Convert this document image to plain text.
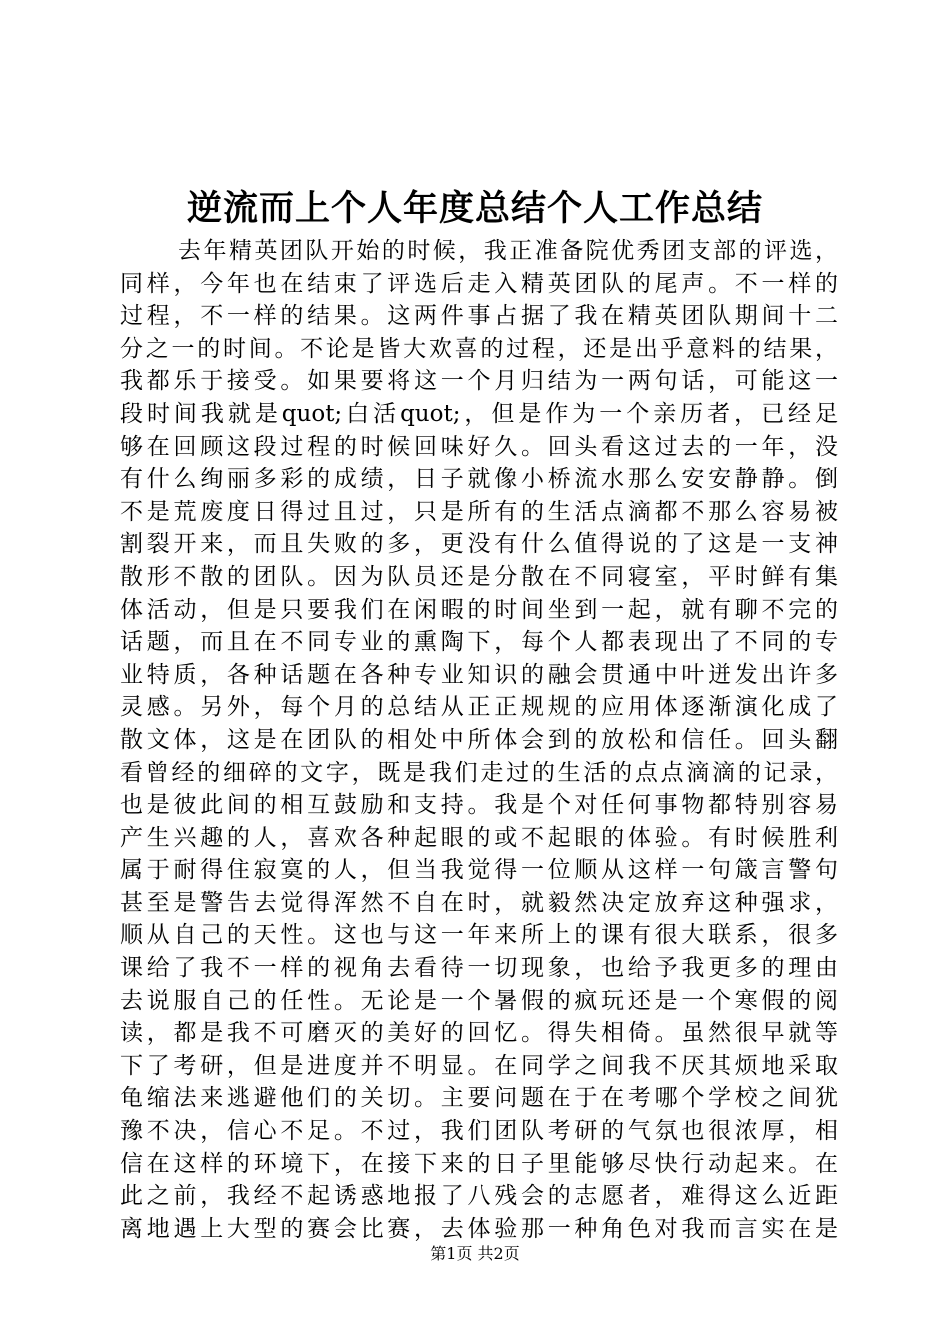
逆流而上个人年度总结个人工作总结
去年精英团队开始的时候，我正准备院优秀团支部的评选，
同样，今年也在结束了评选后走入精英团队的尾声。不一样的
过程，不一样的结果。这两件事占据了我在精英团队期间十二
分之一的时间。不论是皆大欢喜的过程，还是出乎意料的结果，
我都乐于接受。如果要将这一个月归结为一两句话，可能这一
段时间我就是quot;白活quot;，但是作为一个亲历者，已经足
够在回顾这段过程的时候回味好久。回头看这过去的一年，没
有什么绚丽多彩的成绩，日子就像小桥流水那么安安静静。倒
不是荒废度日得过且过，只是所有的生活点滴都不那么容易被
割裂开来，而且失败的多，更没有什么值得说的了这是一支神
散形不散的团队。因为队员还是分散在不同寝室，平时鲜有集
体活动，但是只要我们在闲暇的时间坐到一起，就有聊不完的
话题，而且在不同专业的熏陶下，每个人都表现出了不同的专
业特质，各种话题在各种专业知识的融会贯通中叶迸发出许多
灵感。另外，每个月的总结从正正规规的应用体逐渐演化成了
散文体，这是在团队的相处中所体会到的放松和信任。回头翻
看曾经的细碎的文字，既是我们走过的生活的点点滴滴的记录，
也是彼此间的相互鼓励和支持。我是个对任何事物都特别容易
产生兴趣的人，喜欢各种起眼的或不起眼的体验。有时候胜利
属于耐得住寂寞的人，但当我觉得一位顺从这样一句箴言警句
甚至是警告去觉得浑然不自在时，就毅然决定放弃这种强求，
顺从自己的天性。这也与这一年来所上的课有很大联系，很多
课给了我不一样的视角去看待一切现象，也给予我更多的理由
去说服自己的任性。无论是一个暑假的疯玩还是一个寒假的阅
读，都是我不可磨灭的美好的回忆。得失相倚。虽然很早就等
下了考研，但是进度并不明显。在同学之间我不厌其烦地采取
龟缩法来逃避他们的关切。主要问题在于在考哪个学校之间犹
豫不决，信心不足。不过，我们团队考研的气氛也很浓厚，相
信在这样的环境下，在接下来的日子里能够尽快行动起来。在
此之前，我经不起诱惑地报了八残会的志愿者，难得这么近距
离地遇上大型的赛会比赛，去体验那一种角色对我而言实在是
第1页 共2页
